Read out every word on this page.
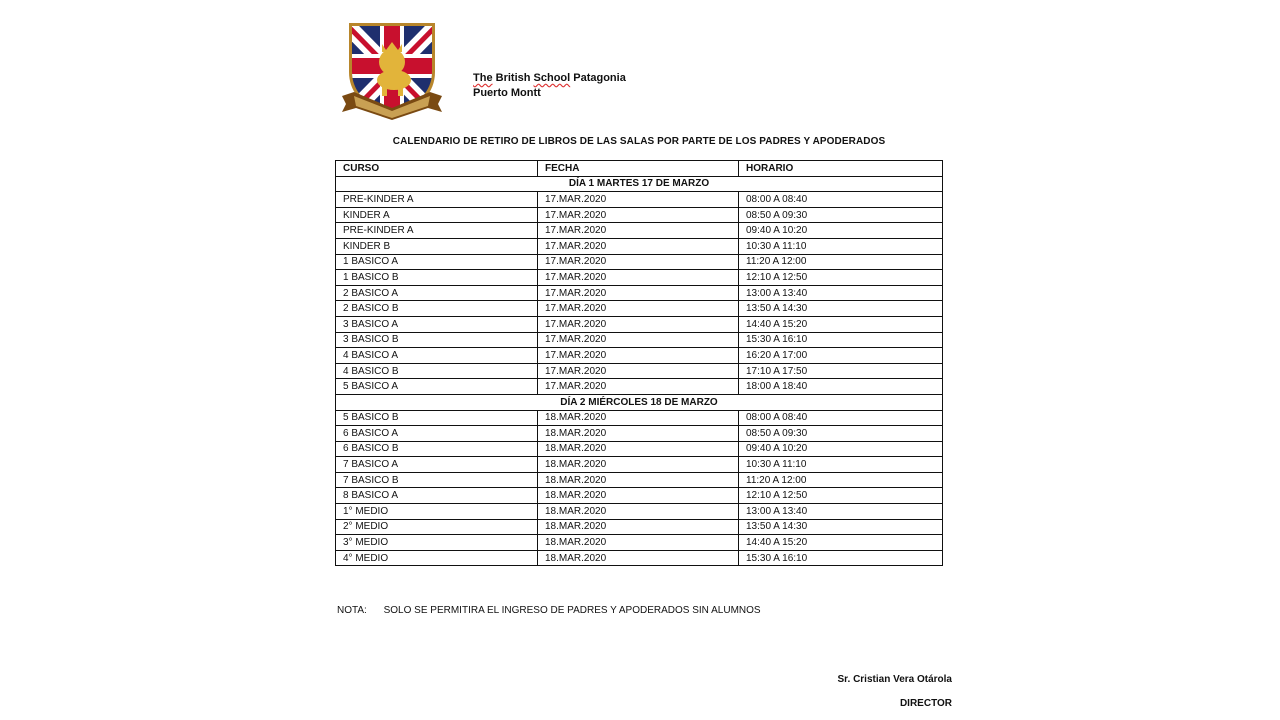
The British School Patagonia
Puerto Montt
CALENDARIO DE RETIRO DE LIBROS DE LAS SALAS POR PARTE DE LOS PADRES Y APODERADOS
CURSO	FECHA	HORARIO
DÍA 1 MARTES 17 DE MARZO		
PRE-KINDER A	17.MAR.2020	08:00 A 08:40
KINDER A	17.MAR.2020	08:50 A 09:30
PRE-KINDER A	17.MAR.2020	09:40 A 10:20
KINDER B	17.MAR.2020	10:30 A 11:10
1 BASICO A	17.MAR.2020	11:20 A 12:00
1 BASICO B	17.MAR.2020	12:10 A 12:50
2 BASICO A	17.MAR.2020	13:00 A 13:40
2 BASICO B	17.MAR.2020	13:50 A 14:30
3 BASICO A	17.MAR.2020	14:40 A 15:20
3 BASICO B	17.MAR.2020	15:30 A 16:10
4 BASICO A	17.MAR.2020	16:20 A 17:00
4 BASICO B	17.MAR.2020	17:10 A 17:50
5 BASICO A	17.MAR.2020	18:00 A 18:40
DÍA 2 MIÉRCOLES 18 DE MARZO		
5 BASICO B	18.MAR.2020	08:00 A 08:40
6 BASICO A	18.MAR.2020	08:50 A 09:30
6 BASICO B	18.MAR.2020	09:40 A 10:20
7 BASICO A	18.MAR.2020	10:30 A 11:10
7 BASICO B	18.MAR.2020	11:20 A 12:00
8 BASICO A	18.MAR.2020	12:10 A 12:50
1° MEDIO	18.MAR.2020	13:00 A 13:40
2° MEDIO	18.MAR.2020	13:50 A 14:30
3° MEDIO	18.MAR.2020	14:40 A 15:20
4° MEDIO	18.MAR.2020	15:30 A 16:10
NOTA: SOLO SE PERMITIRA EL INGRESO DE PADRES Y APODERADOS SIN ALUMNOS
Sr. Cristian Vera Otárola
DIRECTOR
